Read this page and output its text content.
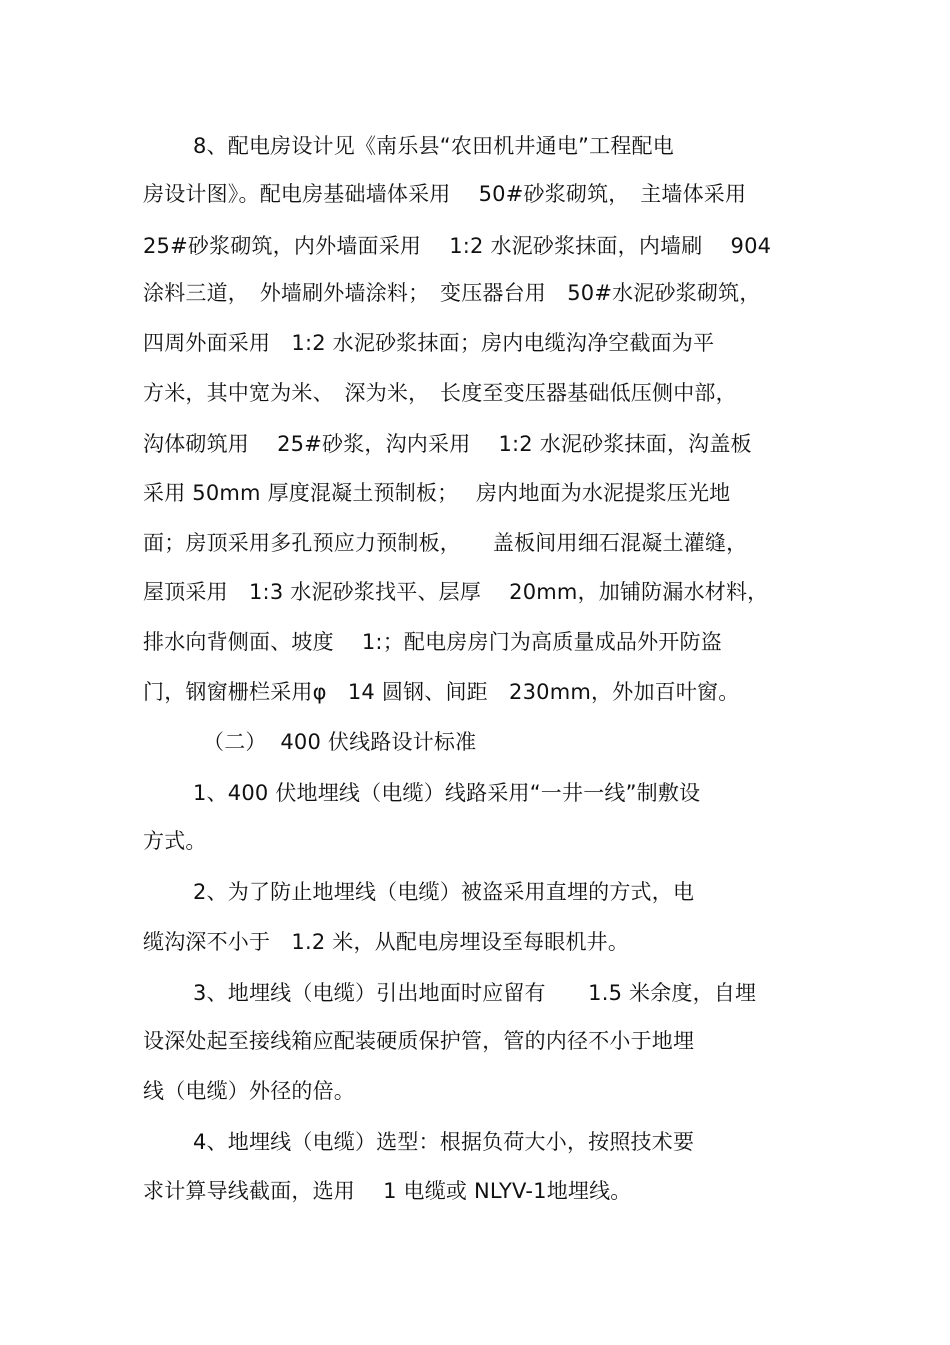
8、配电房设计见《南乐县“农田机井通电”工程配电
房设计图》。配电房基础墙体采用　 50#砂浆砌筑，　主墙体采用
25#砂浆砌筑，内外墙面采用　 1:2 水泥砂浆抹面，内墙刷　 904
涂料三道，　外墙刷外墙涂料；　变压器台用　50#水泥砂浆砌筑，
四周外面采用　1:2 水泥砂浆抹面；房内电缆沟净空截面为平
方米，其中宽为米、　深为米，　长度至变压器基础低压侧中部，
沟体砌筑用　 25#砂浆，沟内采用　 1:2 水泥砂浆抹面，沟盖板
采用 50mm 厚度混凝土预制板；　 房内地面为水泥提浆压光地
面；房顶采用多孔预应力预制板，　　盖板间用细石混凝土灌缝，
屋顶采用　1:3 水泥砂浆找平、层厚　 20mm，加铺防漏水材料，
排水向背侧面、坡度　 1:；配电房房门为高质量成品外开防盗
门，钢窗栅栏采用φ　14 圆钢、间距　230mm，外加百叶窗。
（二）  400 伏线路设计标准
1、400 伏地埋线（电缆）线路采用“一井一线”制敷设
方式。
2、为了防止地埋线（电缆）被盗采用直埋的方式，电
缆沟深不小于　1.2 米，从配电房埋设至每眼机井。
3、地埋线（电缆）引出地面时应留有　　1.5 米余度，自埋
设深处起至接线箱应配装硬质保护管，管的内径不小于地埋
线（电缆）外径的倍。
4、地埋线（电缆）选型：根据负荷大小，按照技术要
求计算导线截面，选用　 1 电缆或 NLYV-1地埋线。
